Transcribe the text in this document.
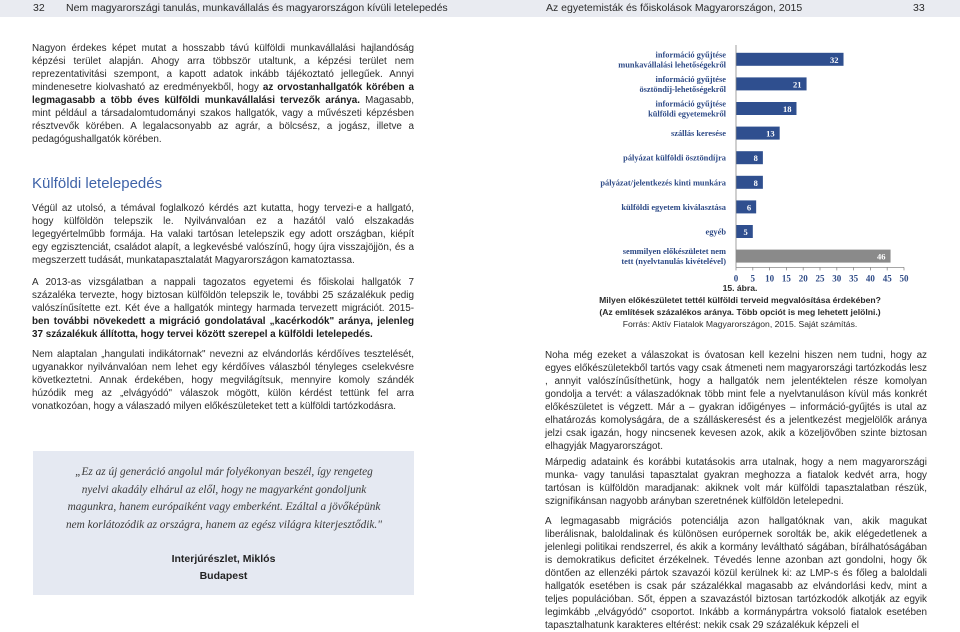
32 Nem magyarországi tanulás, munkavállalás és magyarországon kívüli letelepedés	Az egyetemisták és főiskolások Magyarországon, 2015	33

Nagyon érdekes képet mutat a hosszabb távú külföldi munkavállalási hajlandóság képzési terület alapján. Ahogy arra többször utaltunk, a képzési terület nem reprezentativitási szempont, a kapott adatok inkább tájékoztató jellegűek. Annyi mindenesetre kiolvasható az eredményekből, hogy az orvostanhallgatók körében a legmagasabb a több éves külföldi munkavállalási tervezők aránya. Magasabb, mint például a társadalomtudományi szakos hallgatók, vagy a művészeti képzésben résztvevők körében. A legalacsonyabb az agrár, a bölcsész, a jogász, illetve a pedagógushallgatók körében.

Külföldi letelepedés

Végül az utolsó, a témával foglalkozó kérdés azt kutatta, hogy tervezi-e a hallgató, hogy külföldön telepszik le. Nyilvánvalóan ez a hazától való elszakadás legegyértelműbb formája. Ha valaki tartósan letelepszik egy adott országban, kiépít egy egzisztenciát, családot alapít, a legkevésbé valószínű, hogy újra visszajöjjön, és a megszerzett tudását, munkatapasztalatát Magyarországon kamatoztassa.

A 2013-as vizsgálatban a nappali tagozatos egyetemi és főiskolai hallgatók 7 százaléka tervezte, hogy biztosan külföldön telepszik le, további 25 százalékuk pedig valószínűsítette ezt. Két éve a hallgatók mintegy harmada tervezett migrációt. 2015-ben további növekedett a migráció gondolatával „kacérkodók" aránya, jelenleg 37 százalékuk állította, hogy tervei között szerepel a külföldi letelepedés.

Nem alaptalan „hangulati indikátornak" nevezni az elvándorlás kérdőíves tesztelését, ugyanakkor nyilvánvalóan nem lehet egy kérdőíves válaszból tényleges cselekvésre következtetni. Annak érdekében, hogy megvilágítsuk, mennyire komoly szándék húzódik meg az „elvágyódó" válaszok mögött, külön kérdést tettünk fel arra vonatkozóan, hogy a válaszadó milyen előkészületeket tett a külföldi tartózkodásra.

„Ez az új generáció angolul már folyékonyan beszél, így rengeteg nyelvi akadály elhárul az elől, hogy ne magyarként gondoljunk magunkra, hanem európaiként vagy emberként. Ezáltal a jövőképünk nem korlátozódik az országra, hanem az egész világra kiterjesztődik."
Interjúrészlet, Miklós
Budapest
32
információ gyűjtése munkavállalási lehetőségekről
21
információ gyűjtése ösztöndíj-lehetőségekről
18
információ gyűjtése külföldi egyetemekről
13
szállás keresése
8
pályázat külföldi ösztöndíjra
8
pályázat/jelentkezés kinti munkára
6
külföldi egyetem kiválasztása
5
egyéb
46
semmilyen előkészületet nem tett (nyelvtanulás kivételével)
0 5 10 15 20 25 30 35 40 45 50
15. ábra.
Milyen előkészületet tettél külföldi terveid megvalósítása érdekében?
(Az említések százalékos aránya. Több opciót is meg lehetett jelölni.)
Forrás: Aktív Fiatalok Magyarországon, 2015. Saját számítás.

Noha még ezeket a válaszokat is óvatosan kell kezelni hiszen nem tudni, hogy az egyes előkészületekből tartós vagy csak átmeneti nem magyarországi tartózkodás lesz , annyit valószínűsíthetünk, hogy a hallgatók nem jelentéktelen része komolyan gondolja a tervét: a válaszadóknak több mint fele a nyelvtanuláson kívül más konkrét előkészületet is végzett. Már a – gyakran időigényes – információ-gyűjtés is utal az elhatározás komolyságára, de a szálláskeresést és a jelentkezést megjelölők aránya jelzi csak igazán, hogy nincsenek kevesen azok, akik a közeljövőben szinte biztosan elhagyják Magyarországot.

Márpedig adataink és korábbi kutatásokis arra utalnak, hogy a nem magyarországi munka- vagy tanulási tapasztalat gyakran meghozza a fiatalok kedvét arra, hogy tartósan is külföldön maradjanak: akiknek volt már külföldi tapasztalatban részük, szignifikánsan nagyobb arányban szeretnének külföldön letelepedni.

A legmagasabb migrációs potenciálja azon hallgatóknak van, akik magukat liberálisnak, baloldalinak és különösen európernek sorolták be, akik elégedetlenek a jelenlegi politikai rendszerrel, és akik a kormány leváltható ságában, bírálhatóságában is demokratikus deficitet érzékelnek. Tévedés lenne azonban azt gondolni, hogy ők döntően az ellenzéki pártok szavazói közül kerülnek ki: az LMP-s és főleg a baloldali hallgatók esetében is csak pár százalékkal magasabb az elvándorlási kedv, mint a teljes populációban. Sőt, éppen a szavazástól biztosan tartózkodók alkotják az egyik legimkább „elvágyódó" csoportot. Inkább a kormánypártra voksoló fiatalok esetében tapasztalhatunk karakteres eltérést: nekik csak 29 százalékuk képzeli el
